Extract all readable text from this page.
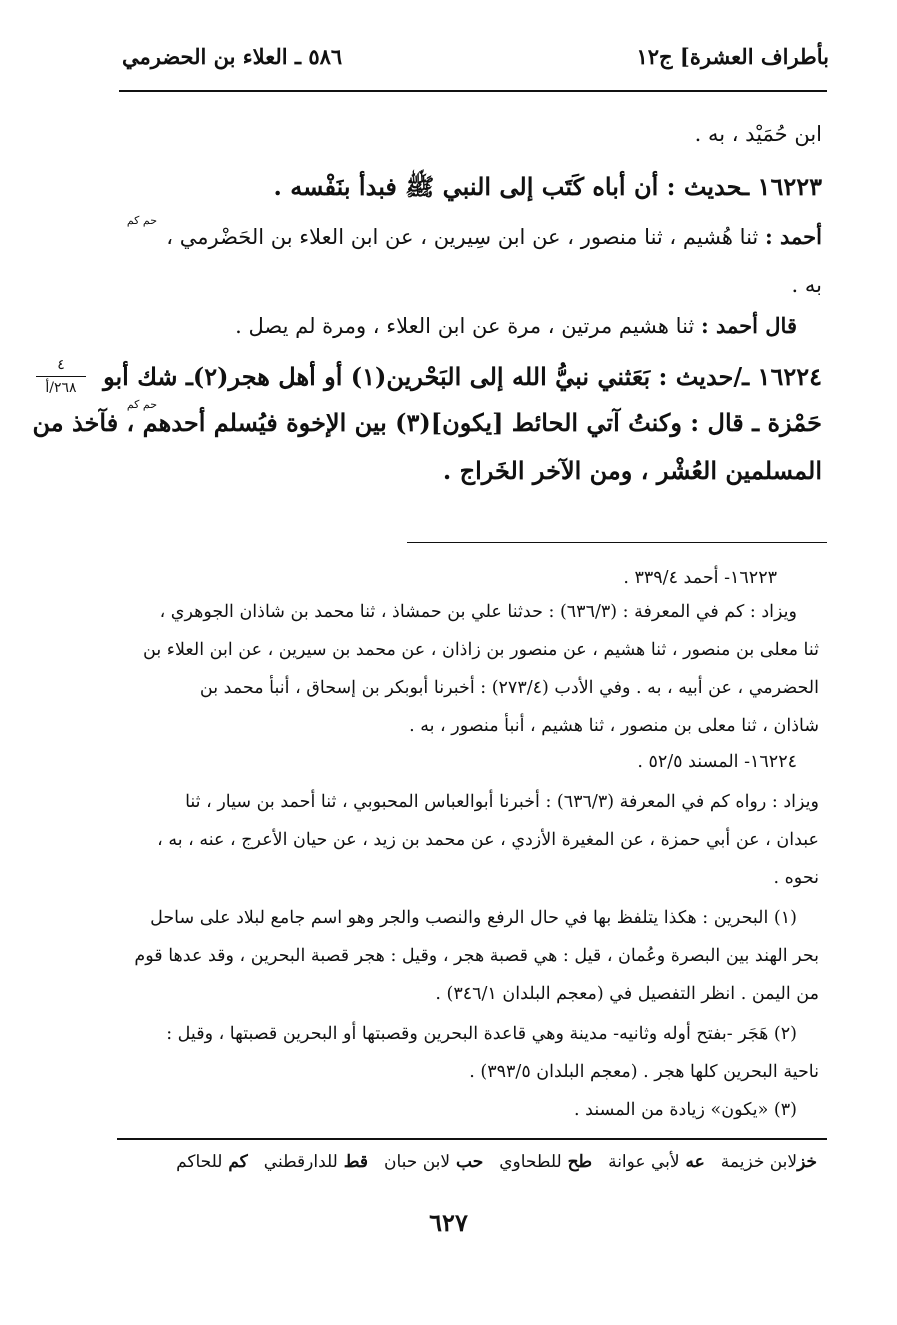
بأطراف العشرة] ج١٢
٥٨٦ ـ العلاء بن الحضرمي
ابن حُمَيْد ، به .
١٦٢٢٣ ـحديث : أن أباه كَتَب إلى النبي ﷺ فبدأ بنَفْسه .
حم كم
أحمد : ثنا هُشيم ، ثنا منصور ، عن ابن سِيرين ، عن ابن العلاء بن الحَضْرمي ،
به .
قال أحمد : ثنا هشيم مرتين ، مرة عن ابن العلاء ، ومرة لم يصل .
١٦٢٢٤ ـ/حديث : بَعَثني نبيُّ الله إلى البَحْرين(١) أو أهل هجر(٢)ـ شك أبو
حم كم
حَمْزة ـ قال : وكنتُ آتي الحائط [يكون](٣) بين الإخوة فيُسلم أحدهم ، فآخذ من
المسلمين العُشْر ، ومن الآخر الخَراج .
٤
٢٦٨/أ
١٦٢٢٣- أحمد ٣٣٩/٤ .
ويزاد : كم في المعرفة : (٦٣٦/٣) : حدثنا علي بن حمشاذ ، ثنا محمد بن شاذان الجوهري ،
ثنا معلى بن منصور ، ثنا هشيم ، عن منصور بن زاذان ، عن محمد بن سيرين ، عن ابن العلاء بن
الحضرمي ، عن أبيه ، به . وفي الأدب (٢٧٣/٤) : أخبرنا أبوبكر بن إسحاق ، أنبأ محمد بن
شاذان ، ثنا معلى بن منصور ، ثنا هشيم ، أنبأ منصور ، به .
١٦٢٢٤- المسند ٥٢/٥ .
ويزاد : رواه كم في المعرفة (٦٣٦/٣) : أخبرنا أبوالعباس المحبوبي ، ثنا أحمد بن سيار ، ثنا
عبدان ، عن أبي حمزة ، عن المغيرة الأزدي ، عن محمد بن زيد ، عن حيان الأعرج ، عنه ، به ،
نحوه .
(١) البحرين : هكذا يتلفظ بها في حال الرفع والنصب والجر وهو اسم جامع لبلاد على ساحل
بحر الهند بين البصرة وعُمان ، قيل : هي قصبة هجر ، وقيل : هجر قصبة البحرين ، وقد عدها قوم
من اليمن . انظر التفصيل في (معجم البلدان ٣٤٦/١) .
(٢) هَجَر -بفتح أوله وثانيه- مدينة وهي قاعدة البحرين وقصبتها أو البحرين قصبتها ، وقيل :
ناحية البحرين كلها هجر . (معجم البلدان ٣٩٣/٥) .
(٣) «يكون» زيادة من المسند .
خزلابن خزيمة
عه لأبي عوانة
طح للطحاوي
حب لابن حبان
قط للدارقطني
كم للحاكم
٦٢٧
